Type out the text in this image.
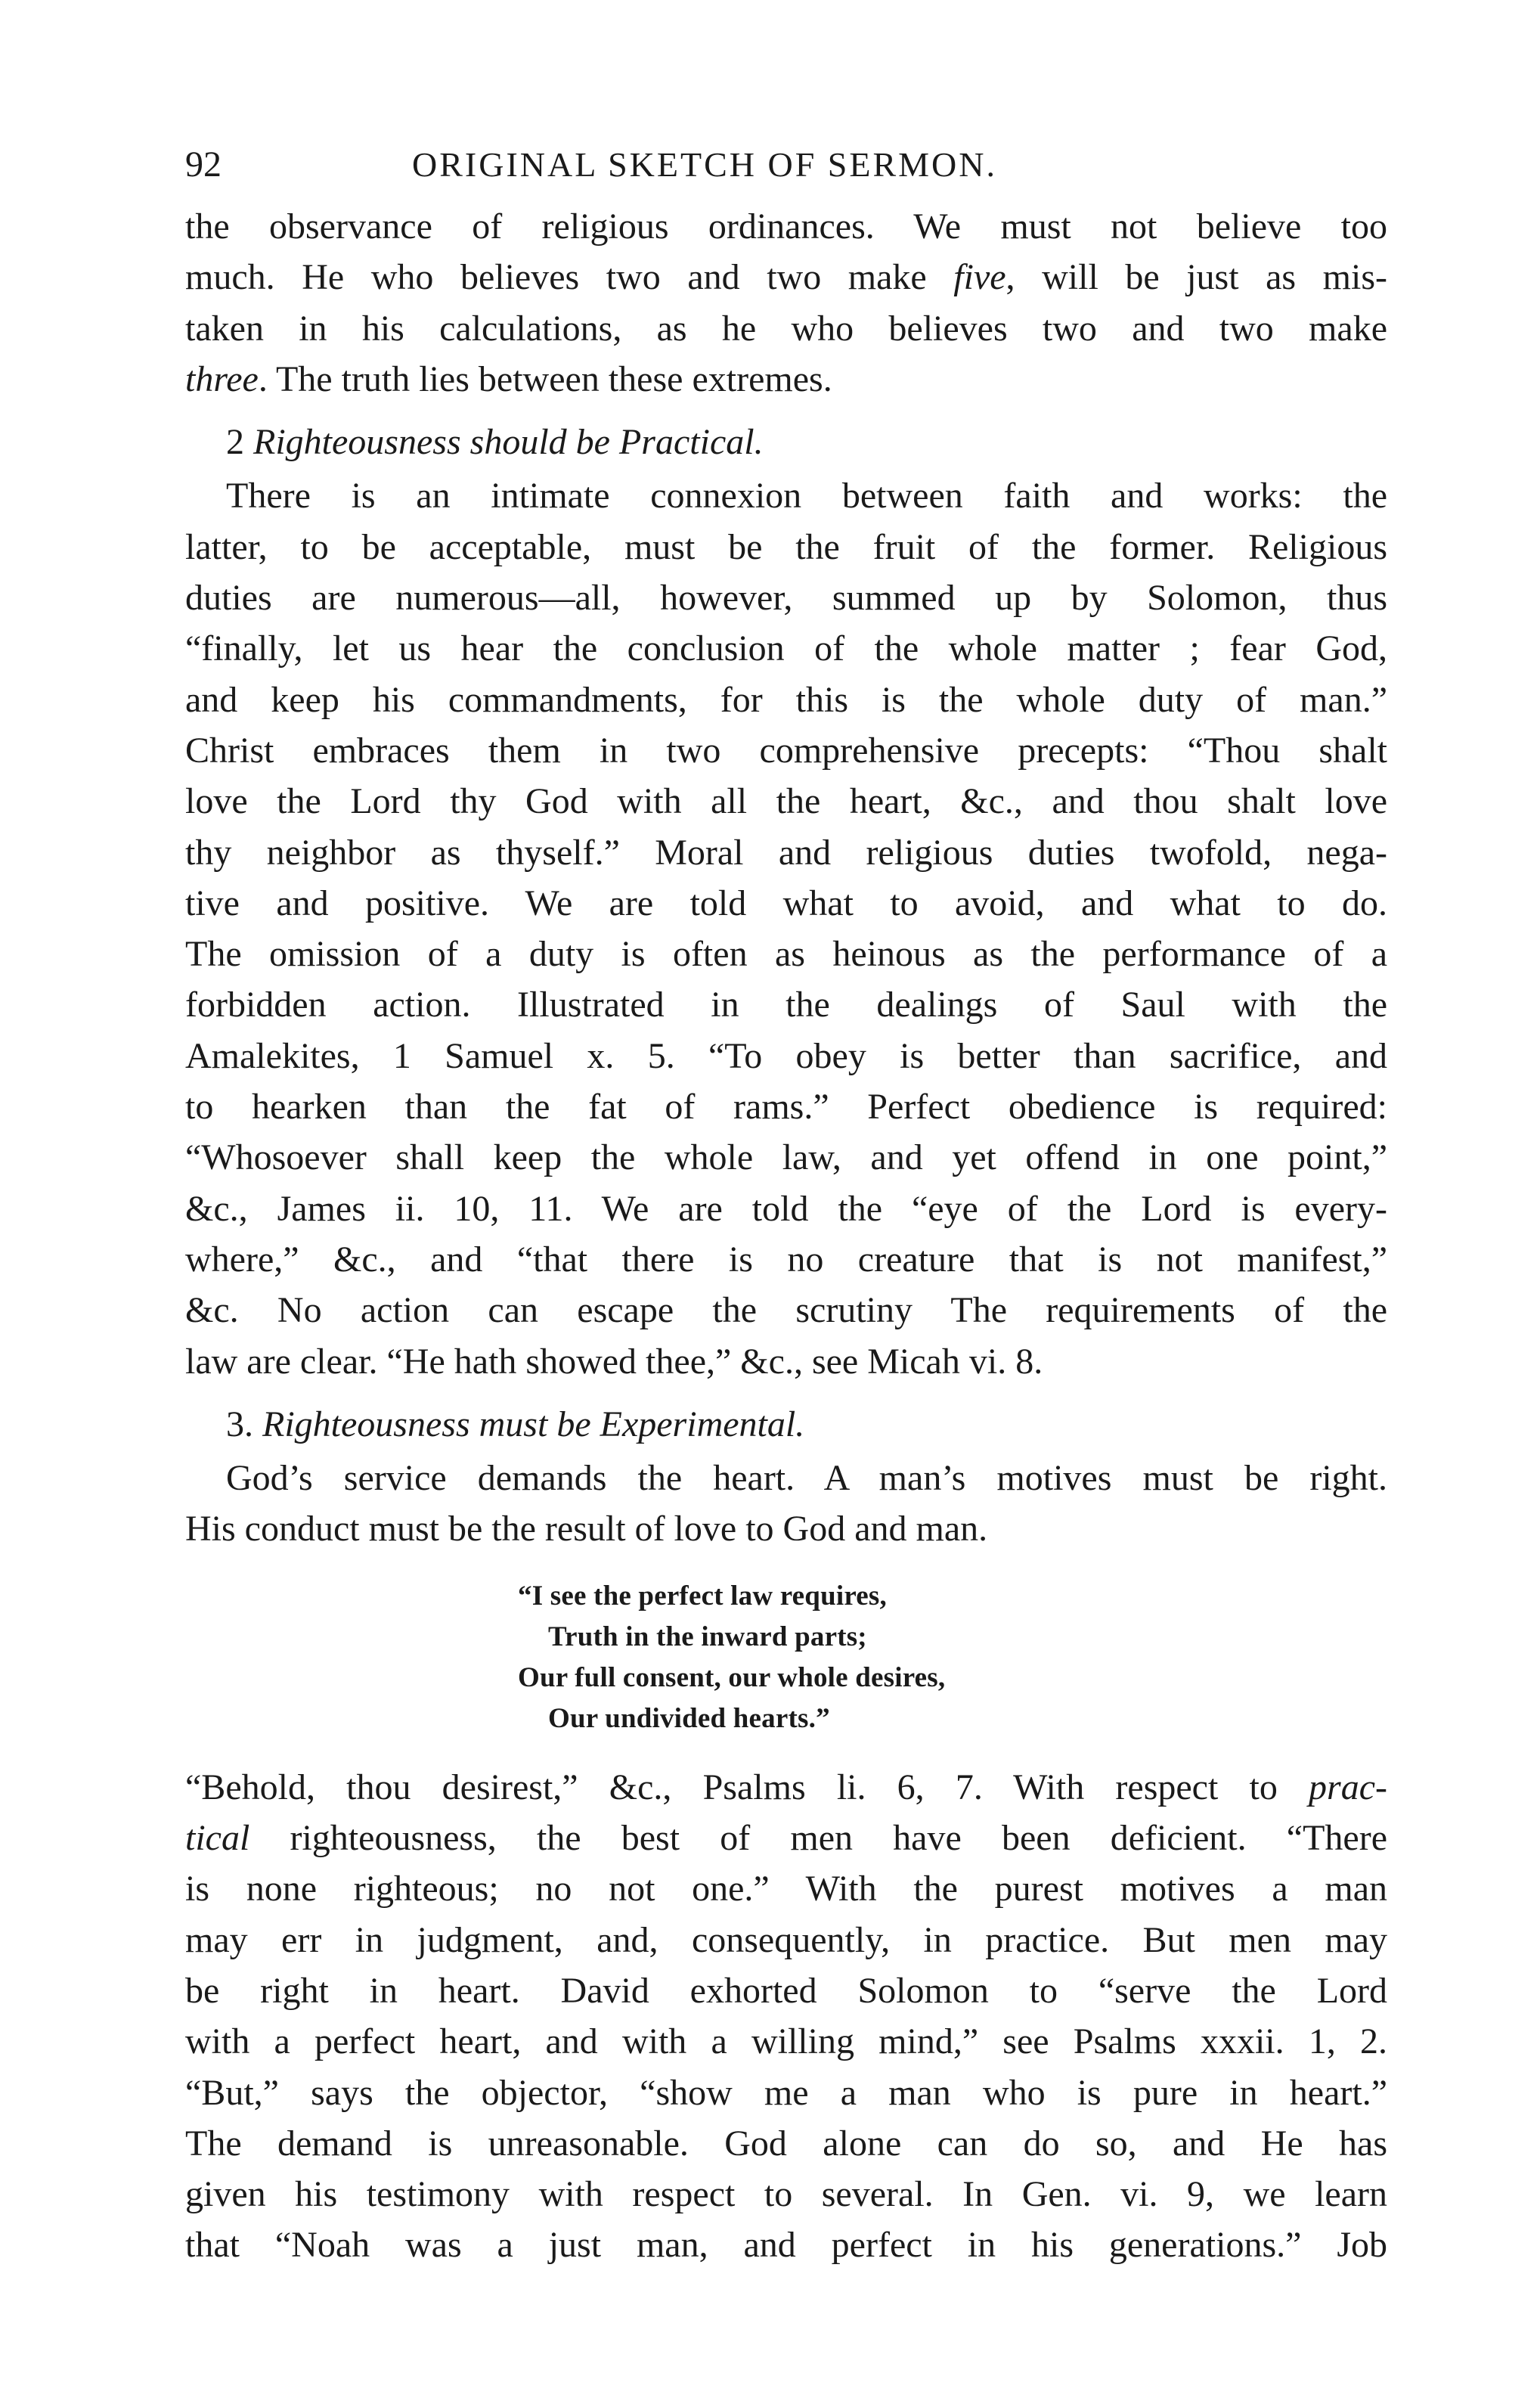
92	ORIGINAL SKETCH OF SERMON.

the observance of religious ordinances. We must not believe too

much. He who believes two and two make five, will be just as mis-

taken in his calculations, as he who believes two and two make

three. The truth lies between these extremes.

2 Righteousness should be Practical.

There is an intimate connexion between faith and works: the

latter, to be acceptable, must be the fruit of the former. Religious

duties are numerous—all, however, summed up by Solomon, thus

“finally, let us hear the conclusion of the whole matter ; fear God,

and keep his commandments, for this is the whole duty of man.”

Christ embraces them in two comprehensive precepts: “Thou shalt

love the Lord thy God with all the heart, &c., and thou shalt love

thy neighbor as thyself.” Moral and religious duties twofold, nega-

tive and positive. We are told what to avoid, and what to do.

The omission of a duty is often as heinous as the performance of a

forbidden action. Illustrated in the dealings of Saul with the

Amalekites, 1 Samuel x. 5. “To obey is better than sacrifice, and

to hearken than the fat of rams.” Perfect obedience is required:

“Whosoever shall keep the whole law, and yet offend in one point,”

&c., James ii. 10, 11. We are told the “eye of the Lord is every-

where,” &c., and “that there is no creature that is not manifest,”

&c. No action can escape the scrutiny The requirements of the

law are clear. “He hath showed thee,” &c., see Micah vi. 8.

3. Righteousness must be Experimental.

God’s service demands the heart. A man’s motives must be right.

His conduct must be the result of love to God and man.

“I see the perfect law requires,
Truth in the inward parts;
Our full consent, our whole desires,
Our undivided hearts.”

“Behold, thou desirest,” &c., Psalms li. 6, 7. With respect to prac-

tical righteousness, the best of men have been deficient. “There

is none righteous; no not one.” With the purest motives a man

may err in judgment, and, consequently, in practice. But men may

be right in heart. David exhorted Solomon to “serve the Lord

with a perfect heart, and with a willing mind,” see Psalms xxxii. 1, 2.

“But,” says the objector, “show me a man who is pure in heart.”

The demand is unreasonable. God alone can do so, and He has

given his testimony with respect to several. In Gen. vi. 9, we learn

that “Noah was a just man, and perfect in his generations.” Job
